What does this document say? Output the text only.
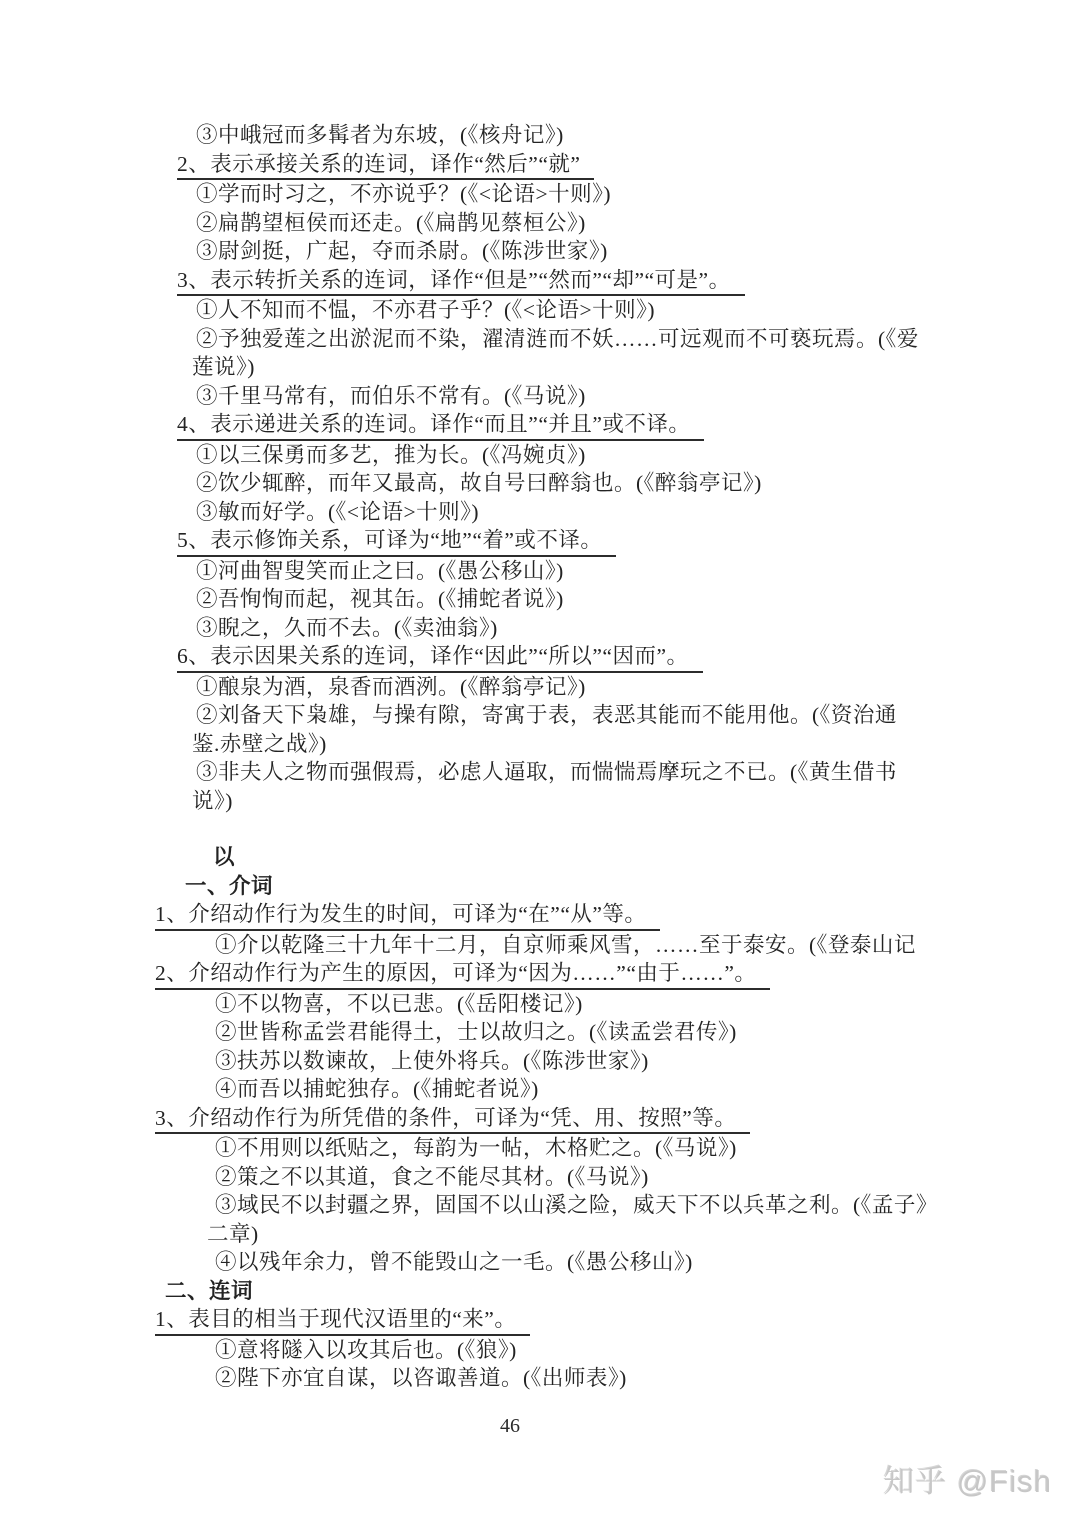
③中峨冠而多髯者为东坡，(《核舟记》)
2、表示承接关系的连词，译作“然后”“就”
①学而时习之，不亦说乎？(《<论语>十则》)
②扁鹊望桓侯而还走。(《扁鹊见蔡桓公》)
③尉剑挺，广起，夺而杀尉。(《陈涉世家》)
3、表示转折关系的连词，译作“但是”“然而”“却”“可是”。
①人不知而不愠，不亦君子乎？(《<论语>十则》)
②予独爱莲之出淤泥而不染，濯清涟而不妖……可远观而不可亵玩焉。(《爱
莲说》)
③千里马常有，而伯乐不常有。(《马说》)
4、表示递进关系的连词。译作“而且”“并且”或不译。
①以三保勇而多艺，推为长。(《冯婉贞》)
②饮少辄醉，而年又最高，故自号曰醉翁也。(《醉翁亭记》)
③敏而好学。(《<论语>十则》)
5、表示修饰关系，可译为“地”“着”或不译。
①河曲智叟笑而止之曰。(《愚公移山》)
②吾恂恂而起，视其缶。(《捕蛇者说》)
③睨之，久而不去。(《卖油翁》)
6、表示因果关系的连词，译作“因此”“所以”“因而”。
①酿泉为酒，泉香而酒洌。(《醉翁亭记》)
②刘备天下枭雄，与操有隙，寄寓于表，表恶其能而不能用他。(《资治通
鉴.赤壁之战》)
③非夫人之物而强假焉，必虑人逼取，而惴惴焉摩玩之不已。(《黄生借书
说》)
以
一、介词
1、介绍动作行为发生的时间，可译为“在”“从”等。
①介以乾隆三十九年十二月，自京师乘风雪，……至于泰安。(《登泰山记
2、介绍动作行为产生的原因，可译为“因为……”“由于……”。
①不以物喜，不以已悲。(《岳阳楼记》)
②世皆称孟尝君能得土，士以故归之。(《读孟尝君传》)
③扶苏以数谏故，上使外将兵。(《陈涉世家》)
④而吾以捕蛇独存。(《捕蛇者说》)
3、介绍动作行为所凭借的条件，可译为“凭、用、按照”等。
①不用则以纸贴之，每韵为一帖，木格贮之。(《马说》)
②策之不以其道，食之不能尽其材。(《马说》)
③域民不以封疆之界，固国不以山溪之险，威天下不以兵革之利。(《孟子》
二章)
④以残年余力，曾不能毁山之一毛。(《愚公移山》)
二、连词
1、表目的相当于现代汉语里的“来”。
①意将隧入以攻其后也。(《狼》)
②陛下亦宜自谋，以咨诹善道。(《出师表》)
46
知乎 @Fish
